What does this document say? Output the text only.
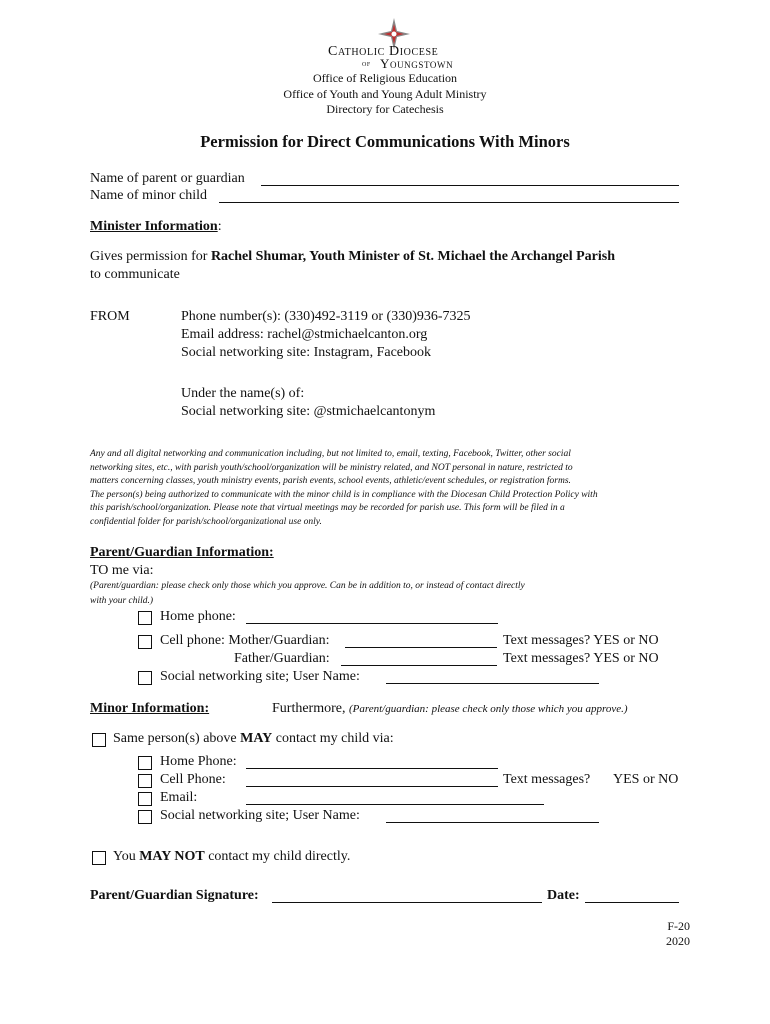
Catholic Diocese
of Youngstown
Office of Religious Education
Office of Youth and Young Adult Ministry
Directory for Catechesis
Permission for Direct Communications With Minors
Name of parent or guardian
Name of minor child
Minister Information:
Gives permission for Rachel Shumar, Youth Minister of St. Michael the Archangel Parish
to communicate
FROM	Phone number(s): (330)492-3119 or (330)936-7325
Email address: rachel@stmichaelcanton.org
Social networking site: Instagram, Facebook
Under the name(s) of:
Social networking site: @stmichaelcantonym
Any and all digital networking and communication including, but not limited to, email, texting, Facebook, Twitter, other social
networking sites, etc., with parish youth/school/organization will be ministry related, and NOT personal in nature, restricted to
matters concerning classes, youth ministry events, parish events, school events, athletic/event schedules, or registration forms.
The person(s) being authorized to communicate with the minor child is in compliance with the Diocesan Child Protection Policy with
this parish/school/organization. Please note that virtual meetings may be recorded for parish use. This form will be filed in a
confidential folder for parish/school/organizational use only.
Parent/Guardian Information:
TO me via:
(Parent/guardian: please check only those which you approve. Can be in addition to, or instead of contact directly
with your child.)
Home phone:
Cell phone: Mother/Guardian:	Text messages? YES or NO
Father/Guardian:	Text messages? YES or NO
Social networking site; User Name:
Minor Information:	Furthermore, (Parent/guardian: please check only those which you approve.)
Same person(s) above MAY contact my child via:
Home Phone:
Cell Phone:	Text messages? YES or NO
Email:
Social networking site; User Name:
You MAY NOT contact my child directly.
Parent/Guardian Signature:	Date:
F-20
2020
